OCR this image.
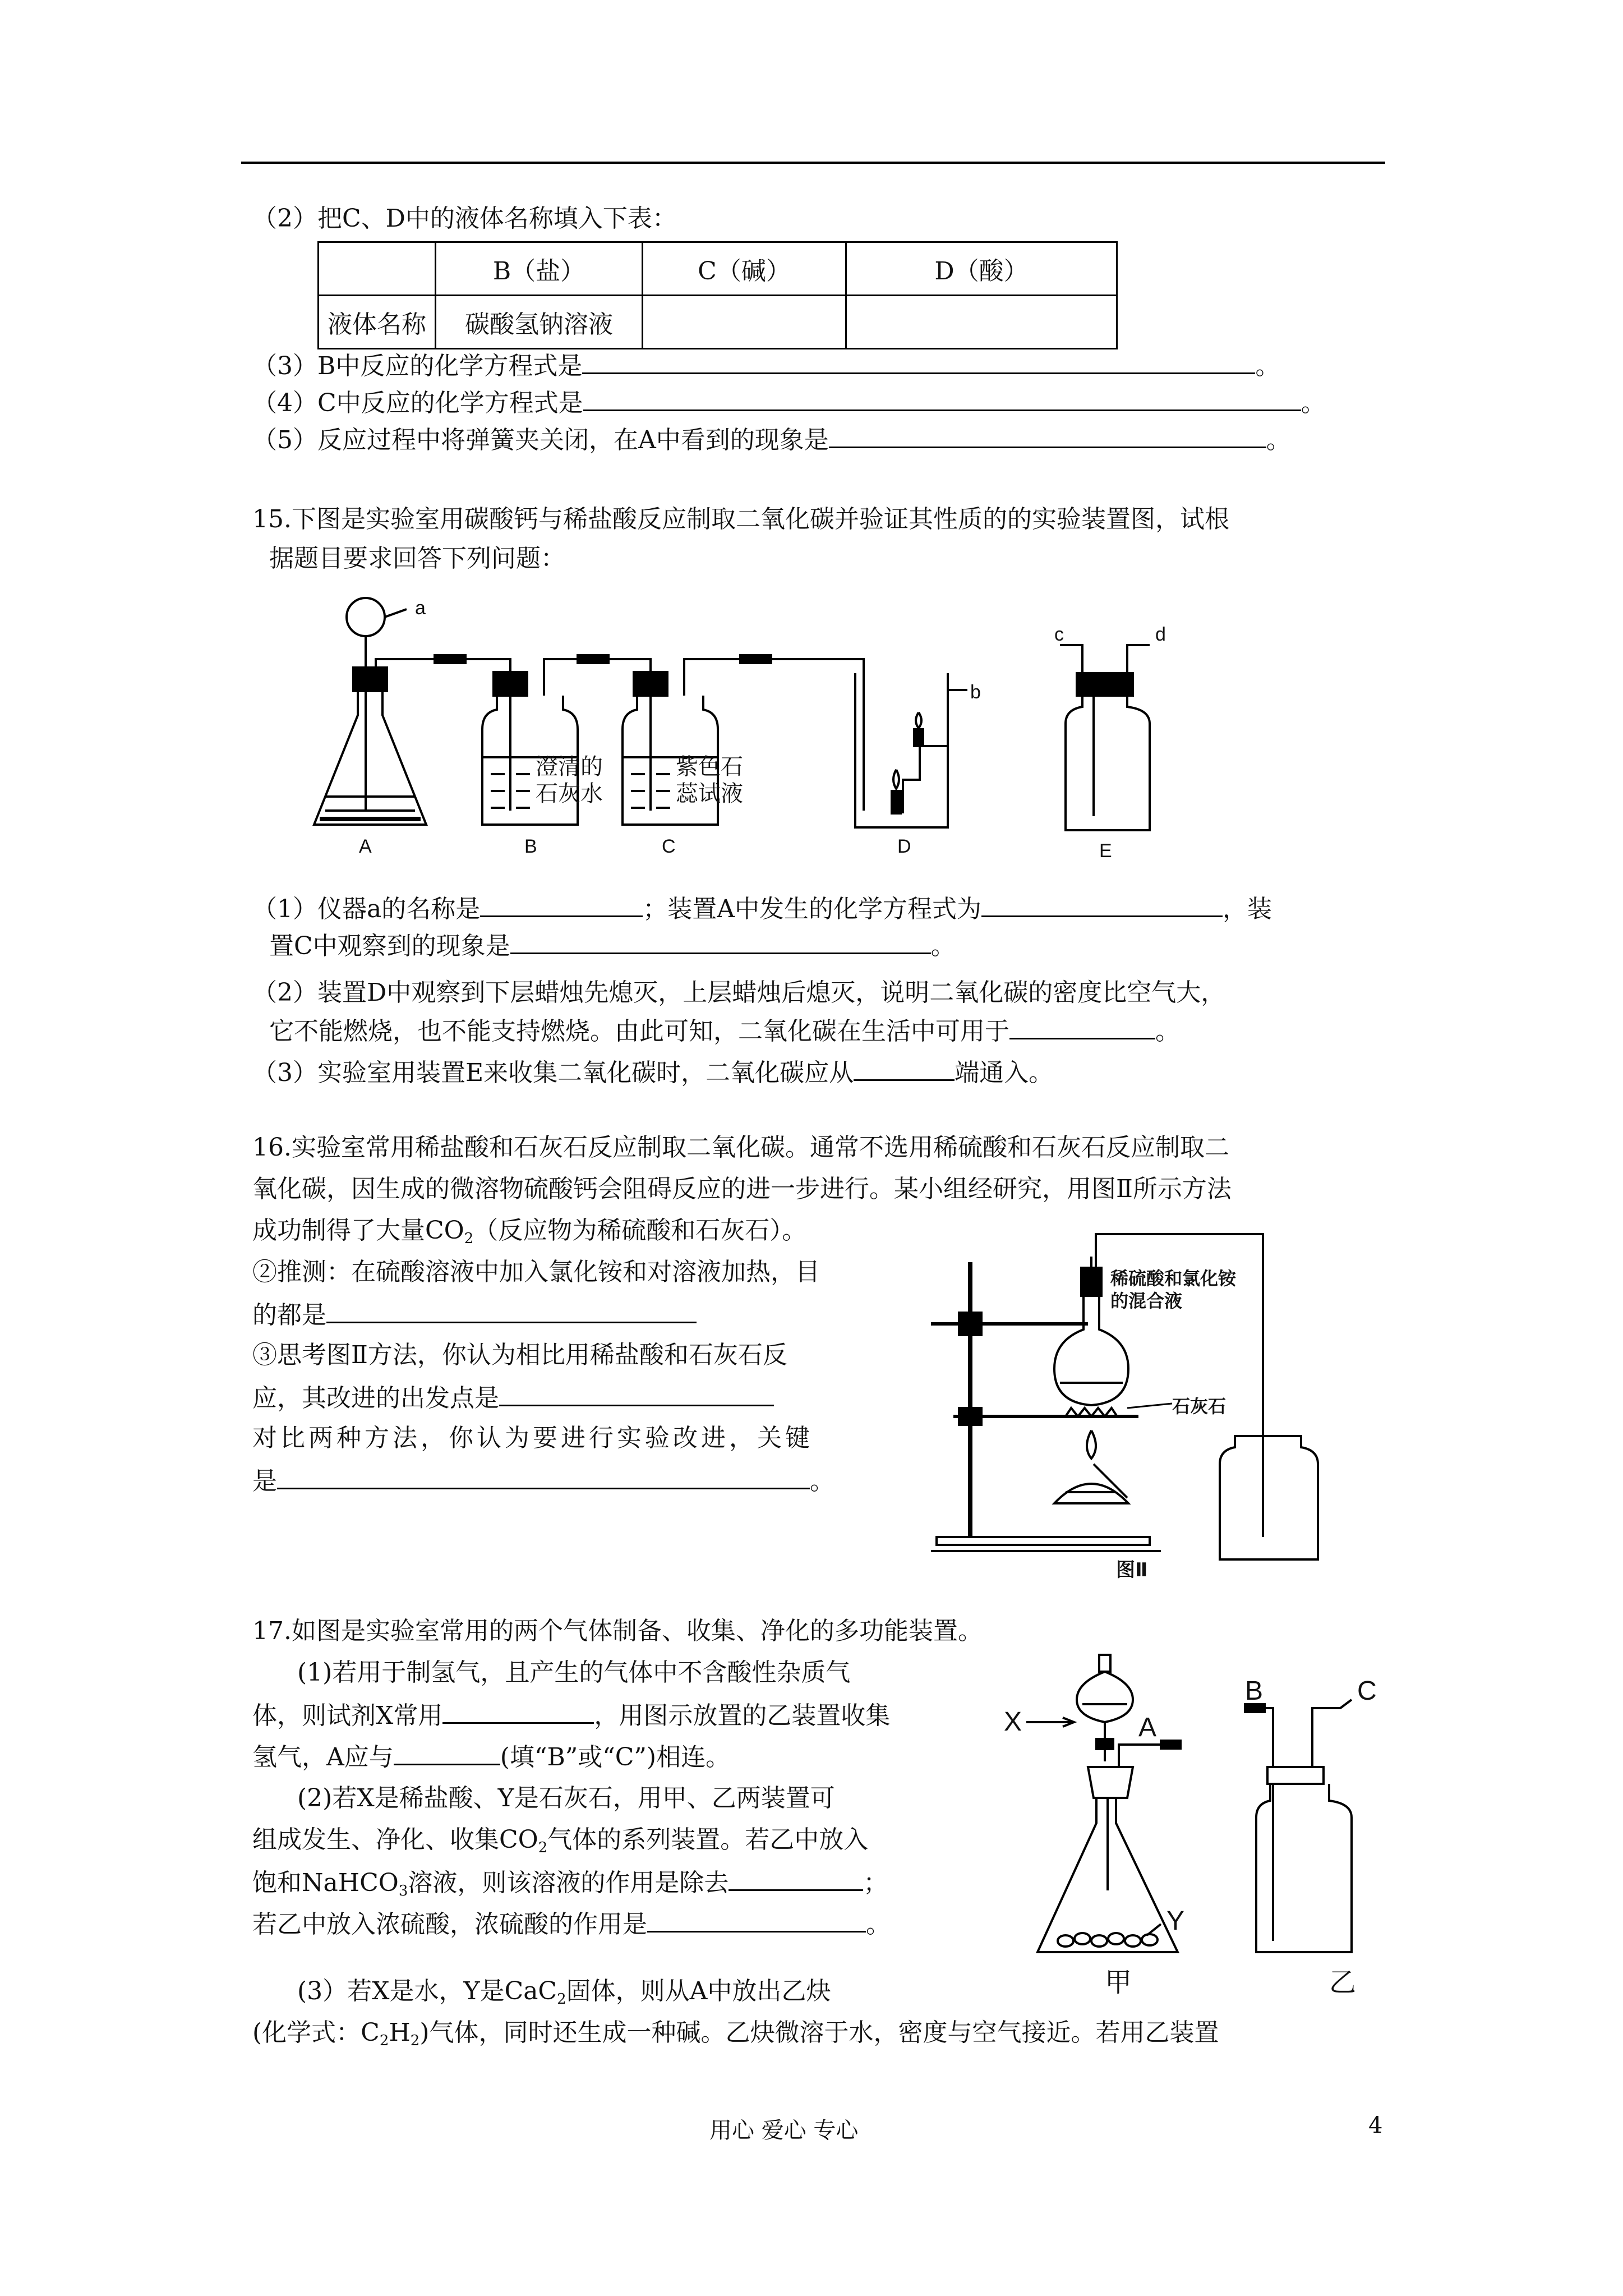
（2）把C、D中的液体名称填入下表：
	B（盐）	C（碱）	D（酸）
液体名称	碳酸氢钠溶液		
（3）B中反应的化学方程式是	。
（4）C中反应的化学方程式是	。
（5）反应过程中将弹簧夹关闭，在A中看到的现象是	。
15.下图是实验室用碳酸钙与稀盐酸反应制取二氧化碳并验证其性质的的实验装置图，试根
据题目要求回答下列问题：
a
b
c	d
A	B	C	D	E
澄清的
石灰水
紫色石
蕊试液
（1）仪器a的名称是	；装置A中发生的化学方程式为	，装
置C中观察到的现象是	。
（2）装置D中观察到下层蜡烛先熄灭，上层蜡烛后熄灭，说明二氧化碳的密度比空气大，
它不能燃烧，也不能支持燃烧。由此可知，二氧化碳在生活中可用于	。
（3）实验室用装置E来收集二氧化碳时，二氧化碳应从	端通入。
16.实验室常用稀盐酸和石灰石反应制取二氧化碳。通常不选用稀硫酸和石灰石反应制取二
氧化碳，因生成的微溶物硫酸钙会阻碍反应的进一步进行。某小组经研究，用图Ⅱ所示方法
成功制得了大量$CO_2$（反应物为稀硫酸和石灰石）。
②推测：在硫酸溶液中加入氯化铵和对溶液加热，目
的都是
③思考图Ⅱ方法，你认为相比用稀盐酸和石灰石反
应，其改进的出发点是
对比两种方法，你认为要进行实验改进，关键
是	。
稀硫酸和氯化铵
的混合液
石灰石
图Ⅱ
17.如图是实验室常用的两个气体制备、收集、净化的多功能装置。
(1)若用于制氢气，且产生的气体中不含酸性杂质气
体，则试剂X常用	，用图示放置的乙装置收集
氢气，A应与	(填“B”或“C”)相连。
(2)若X是稀盐酸、Y是石灰石，用甲、乙两装置可
组成发生、净化、收集$CO_2$气体的系列装置。若乙中放入
饱和NaHCO$_3$溶液，则该溶液的作用是除去	；
若乙中放入浓硫酸，浓硫酸的作用是	。
(3）若X是水，Y是CaC$_2$固体，则从A中放出乙炔
(化学式：$C_2H_2$)气体，同时还生成一种碱。乙炔微溶于水，密度与空气接近。若用乙装置
X	A
B	C
Y
甲	乙
用心 爱心 专心	4
